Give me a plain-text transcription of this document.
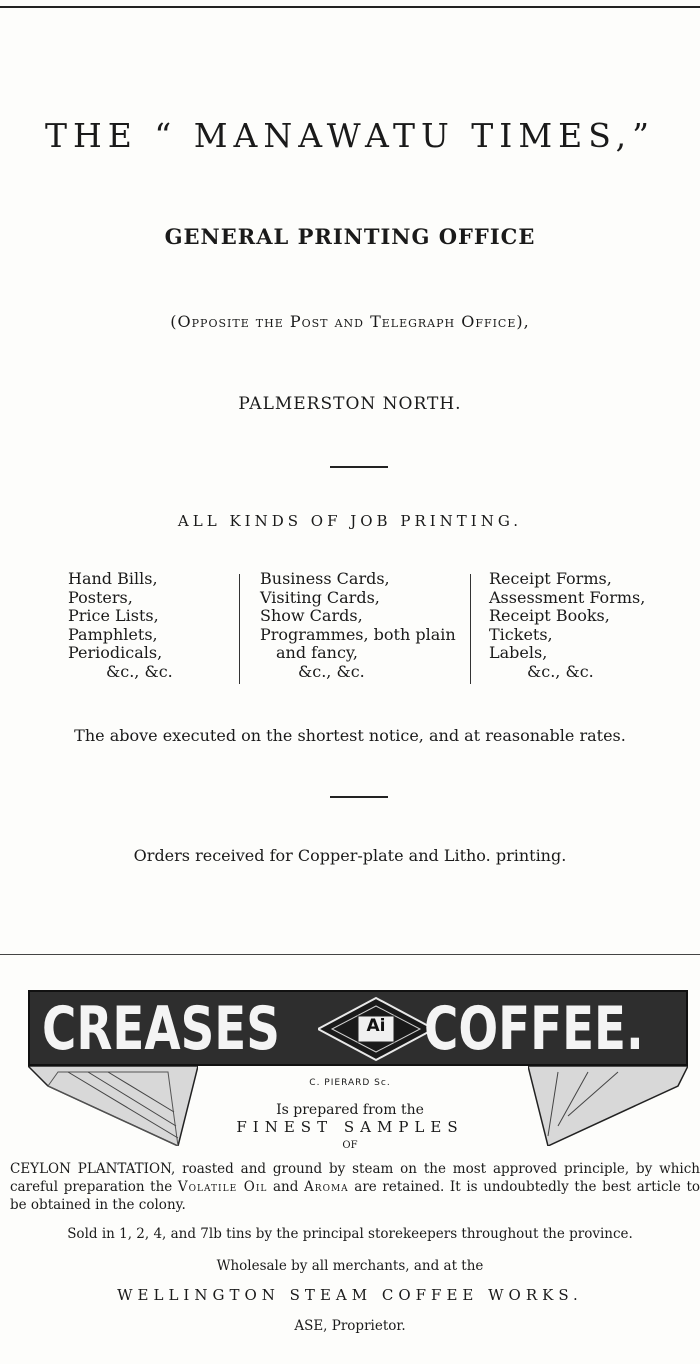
THE “ MANAWATU TIMES,”
GENERAL PRINTING OFFICE
(Opposite the Post and Telegraph Office),
PALMERSTON NORTH.
ALL KINDS OF JOB PRINTING.
Hand Bills,
Posters,
Price Lists,
Pamphlets,
Periodicals,
&c., &c.
Business Cards,
Visiting Cards,
Show Cards,
Programmes, both plain
and fancy,
&c., &c.
Receipt Forms,
Assessment Forms,
Receipt Books,
Tickets,
Labels,
&c., &c.
The above executed on the shortest notice, and at reasonable rates.
Orders received for Copper-plate and Litho. printing.
CREASES	Ai COFFEE.
C. PIERARD Sc.
Is prepared from the
FINEST SAMPLES
OF
CEYLON PLANTATION, roasted and ground by steam on the most approved principle, by which careful preparation the Volatile Oil and Aroma are retained. It is undoubtedly the best article to be obtained in the colony.
Sold in 1, 2, 4, and 7lb tins by the principal storekeepers throughout the province.
Wholesale by all merchants, and at the
WELLINGTON STEAM COFFEE WORKS.
ASE, Proprietor.
